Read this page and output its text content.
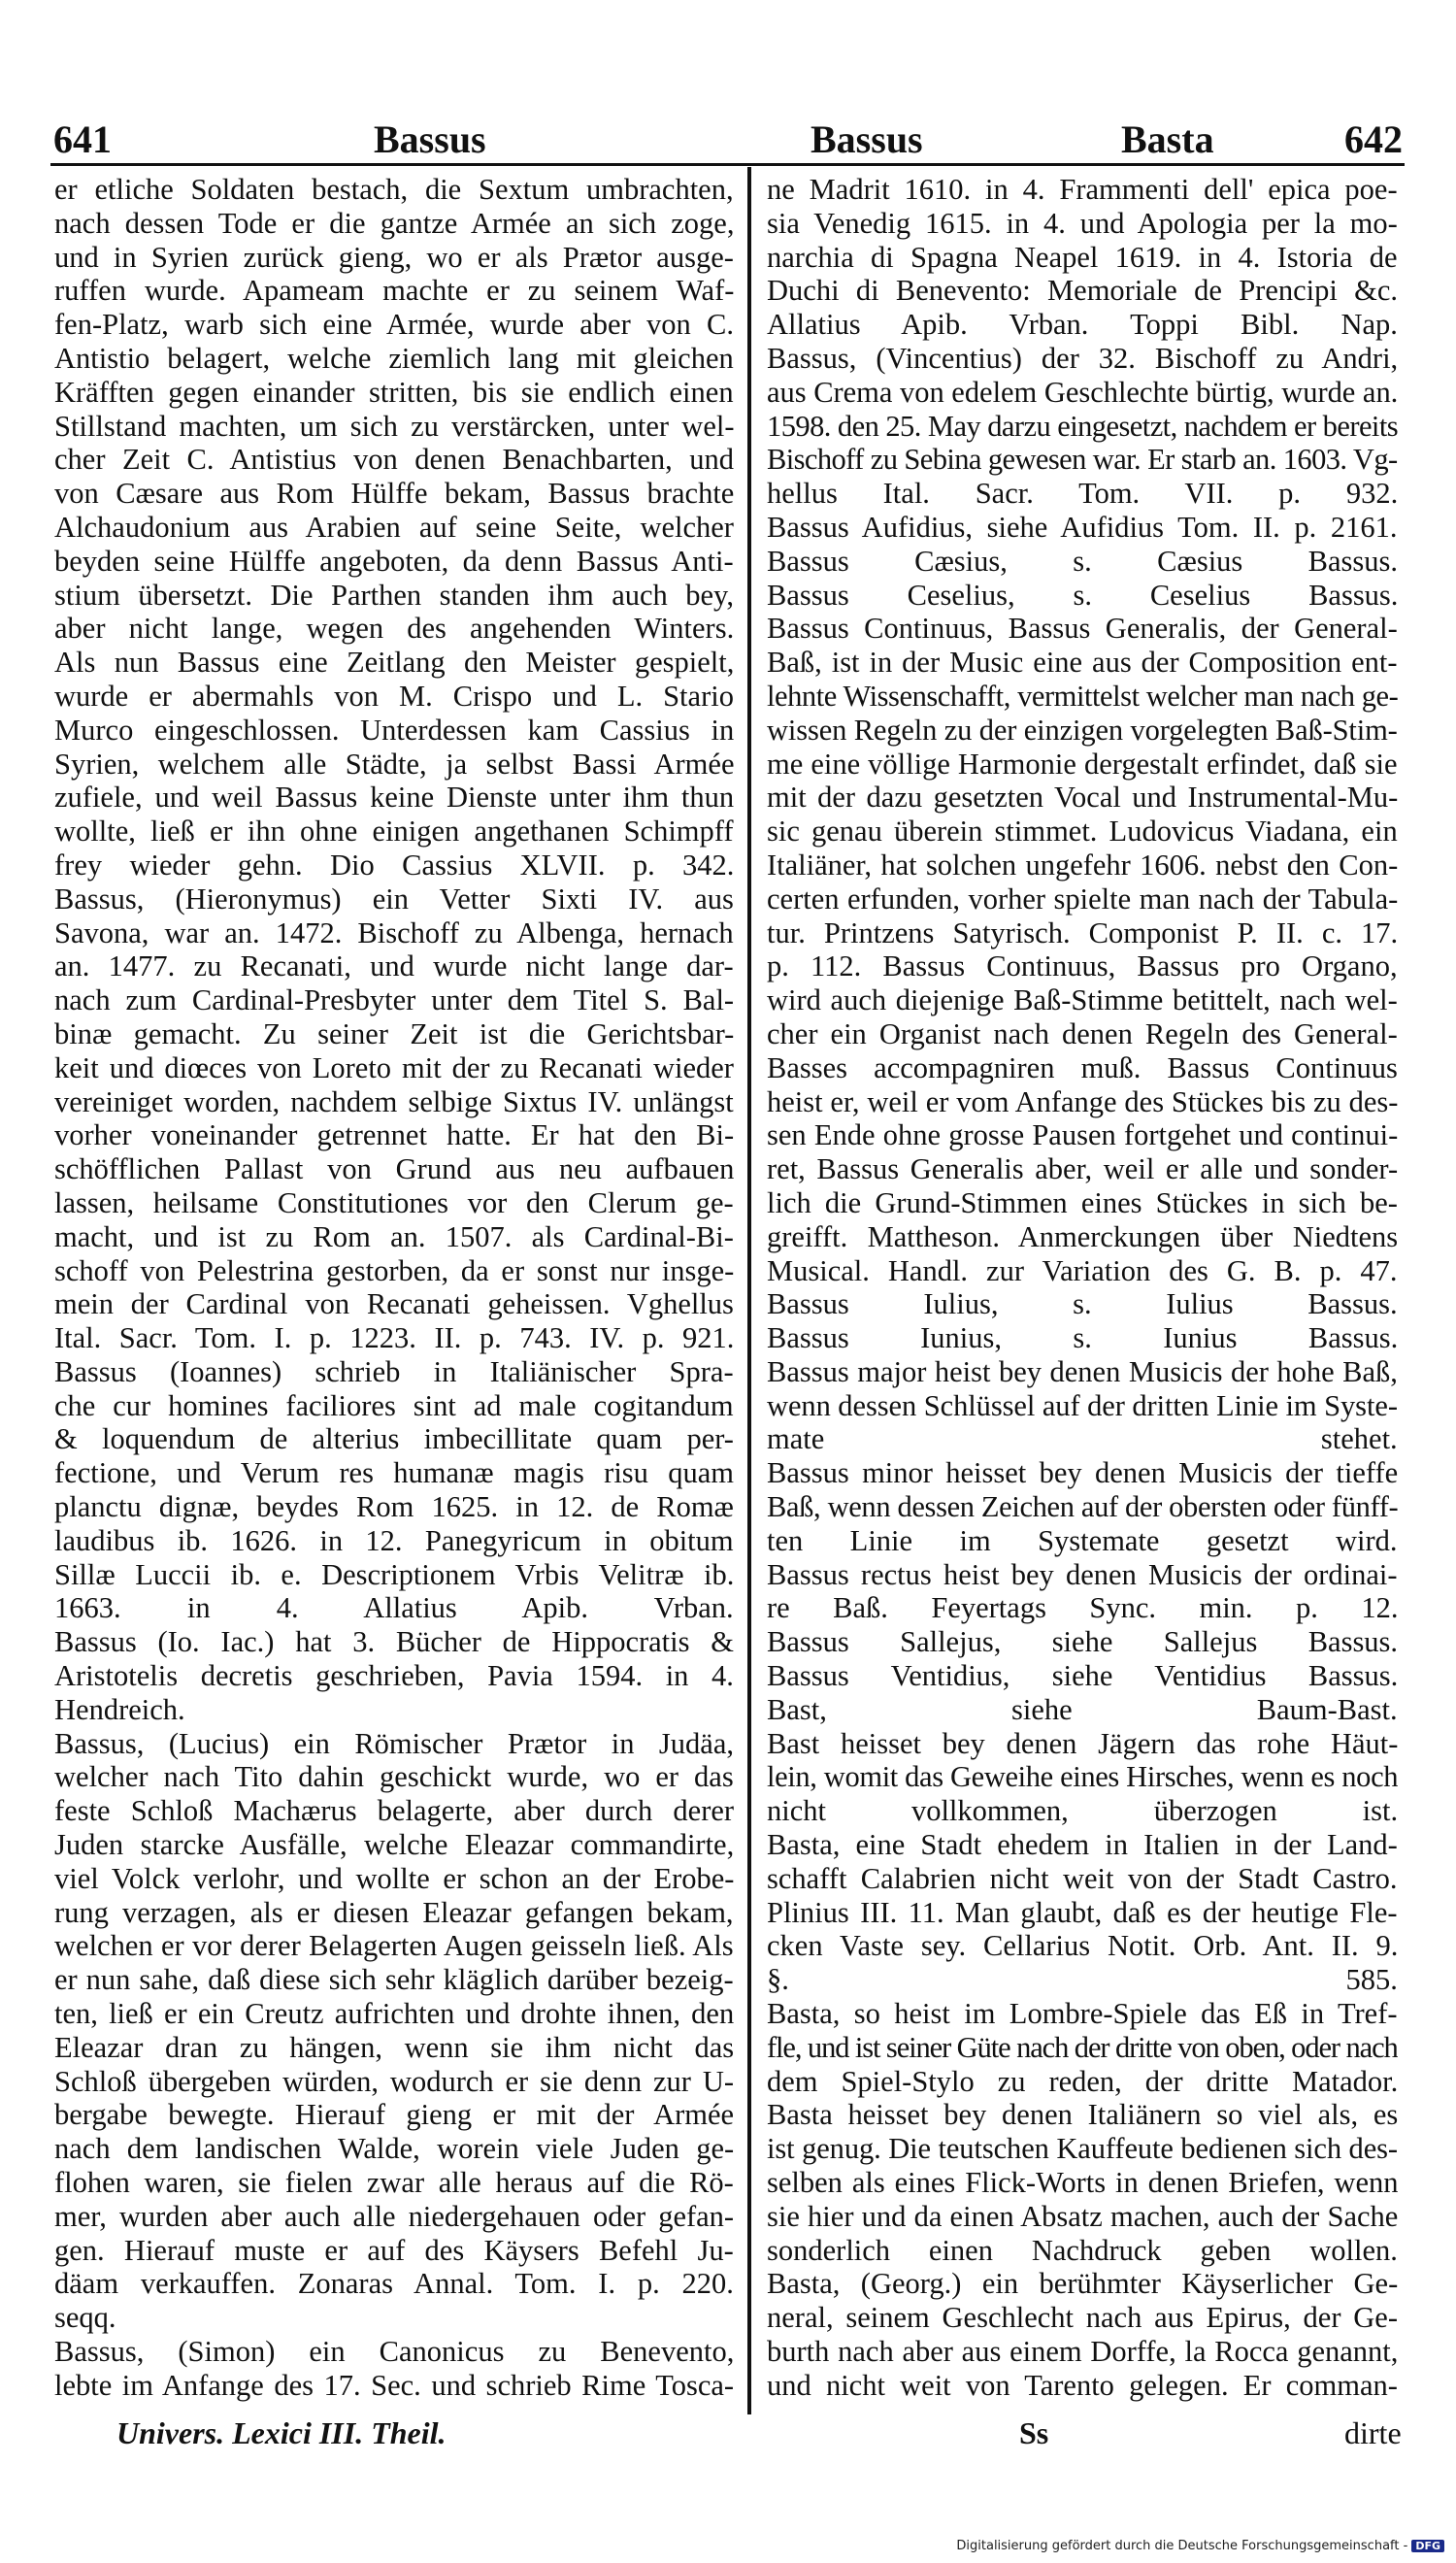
641	Bassus	Bassus	Basta	642

er etliche Soldaten bestach, die Sextum umbrachten,

nach dessen Tode er die gantze Armée an sich zoge,

und in Syrien zurück gieng, wo er als Prætor ausge-

ruffen wurde. Apameam machte er zu seinem Waf-

fen-Platz, warb sich eine Armée, wurde aber von C.

Antistio belagert, welche ziemlich lang mit gleichen

Kräfften gegen einander stritten, bis sie endlich einen

Stillstand machten, um sich zu verstärcken, unter wel-

cher Zeit C. Antistius von denen Benachbarten, und

von Cæsare aus Rom Hülffe bekam, Bassus brachte

Alchaudonium aus Arabien auf seine Seite, welcher

beyden seine Hülffe angeboten, da denn Bassus Anti-

stium übersetzt. Die Parthen standen ihm auch bey,

aber nicht lange, wegen des angehenden Winters.

Als nun Bassus eine Zeitlang den Meister gespielt,

wurde er abermahls von M. Crispo und L. Stario

Murco eingeschlossen. Unterdessen kam Cassius in

Syrien, welchem alle Städte, ja selbst Bassi Armée

zufiele, und weil Bassus keine Dienste unter ihm thun

wollte, ließ er ihn ohne einigen angethanen Schimpff

frey wieder gehn. Dio Cassius XLVII. p. 342.

Bassus, (Hieronymus) ein Vetter Sixti IV. aus

Savona, war an. 1472. Bischoff zu Albenga, hernach

an. 1477. zu Recanati, und wurde nicht lange dar-

nach zum Cardinal-Presbyter unter dem Titel S. Bal-

binæ gemacht. Zu seiner Zeit ist die Gerichtsbar-

keit und diœces von Loreto mit der zu Recanati wieder

vereiniget worden, nachdem selbige Sixtus IV. unlängst

vorher voneinander getrennet hatte. Er hat den Bi-

schöfflichen Pallast von Grund aus neu aufbauen

lassen, heilsame Constitutiones vor den Clerum ge-

macht, und ist zu Rom an. 1507. als Cardinal-Bi-

schoff von Pelestrina gestorben, da er sonst nur insge-

mein der Cardinal von Recanati geheissen. Vghellus

Ital. Sacr. Tom. I. p. 1223. II. p. 743. IV. p. 921.

Bassus (Ioannes) schrieb in Italiänischer Spra-

che cur homines faciliores sint ad male cogitandum

& loquendum de alterius imbecillitate quam per-

fectione, und Verum res humanæ magis risu quam

planctu dignæ, beydes Rom 1625. in 12. de Romæ

laudibus ib. 1626. in 12. Panegyricum in obitum

Sillæ Luccii ib. e. Descriptionem Vrbis Velitræ ib.

1663. in 4. Allatius Apib. Vrban.

Bassus (Io. Iac.) hat 3. Bücher de Hippocratis &

Aristotelis decretis geschrieben, Pavia 1594. in 4.

Hendreich.

Bassus, (Lucius) ein Römischer Prætor in Judäa,

welcher nach Tito dahin geschickt wurde, wo er das

feste Schloß Machærus belagerte, aber durch derer

Juden starcke Ausfälle, welche Eleazar commandirte,

viel Volck verlohr, und wollte er schon an der Erobe-

rung verzagen, als er diesen Eleazar gefangen bekam,

welchen er vor derer Belagerten Augen geisseln ließ. Als

er nun sahe, daß diese sich sehr kläglich darüber bezeig-

ten, ließ er ein Creutz aufrichten und drohte ihnen, den

Eleazar dran zu hängen, wenn sie ihm nicht das

Schloß übergeben würden, wodurch er sie denn zur U-

bergabe bewegte. Hierauf gieng er mit der Armée

nach dem landischen Walde, worein viele Juden ge-

flohen waren, sie fielen zwar alle heraus auf die Rö-

mer, wurden aber auch alle niedergehauen oder gefan-

gen. Hierauf muste er auf des Käysers Befehl Ju-

däam verkauffen. Zonaras Annal. Tom. I. p. 220.

seqq.

Bassus, (Simon) ein Canonicus zu Benevento,

lebte im Anfange des 17. Sec. und schrieb Rime Tosca-

ne Madrit 1610. in 4. Frammenti dell' epica poe-

sia Venedig 1615. in 4. und Apologia per la mo-

narchia di Spagna Neapel 1619. in 4. Istoria de

Duchi di Benevento: Memoriale de Prencipi &c.

Allatius Apib. Vrban. Toppi Bibl. Nap.

Bassus, (Vincentius) der 32. Bischoff zu Andri,

aus Crema von edelem Geschlechte bürtig, wurde an.

1598. den 25. May darzu eingesetzt, nachdem er bereits

Bischoff zu Sebina gewesen war. Er starb an. 1603. Vg-

hellus Ital. Sacr. Tom. VII. p. 932.

Bassus Aufidius, siehe Aufidius Tom. II. p. 2161.

Bassus Cæsius, s. Cæsius Bassus.

Bassus Ceselius, s. Ceselius Bassus.

Bassus Continuus, Bassus Generalis, der General-

Baß, ist in der Music eine aus der Composition ent-

lehnte Wissenschafft, vermittelst welcher man nach ge-

wissen Regeln zu der einzigen vorgelegten Baß-Stim-

me eine völlige Harmonie dergestalt erfindet, daß sie

mit der dazu gesetzten Vocal und Instrumental-Mu-

sic genau überein stimmet. Ludovicus Viadana, ein

Italiäner, hat solchen ungefehr 1606. nebst den Con-

certen erfunden, vorher spielte man nach der Tabula-

tur. Printzens Satyrisch. Componist P. II. c. 17.

p. 112. Bassus Continuus, Bassus pro Organo,

wird auch diejenige Baß-Stimme betittelt, nach wel-

cher ein Organist nach denen Regeln des General-

Basses accompagniren muß. Bassus Continuus

heist er, weil er vom Anfange des Stückes bis zu des-

sen Ende ohne grosse Pausen fortgehet und continui-

ret, Bassus Generalis aber, weil er alle und sonder-

lich die Grund-Stimmen eines Stückes in sich be-

greifft. Mattheson. Anmerckungen über Niedtens

Musical. Handl. zur Variation des G. B. p. 47.

Bassus Iulius, s. Iulius Bassus.

Bassus Iunius, s. Iunius Bassus.

Bassus major heist bey denen Musicis der hohe Baß,

wenn dessen Schlüssel auf der dritten Linie im Syste-

mate stehet.

Bassus minor heisset bey denen Musicis der tieffe

Baß, wenn dessen Zeichen auf der obersten oder fünff-

ten Linie im Systemate gesetzt wird.

Bassus rectus heist bey denen Musicis der ordinai-

re Baß. Feyertags Sync. min. p. 12.

Bassus Sallejus, siehe Sallejus Bassus.

Bassus Ventidius, siehe Ventidius Bassus.

Bast, siehe Baum-Bast.

Bast heisset bey denen Jägern das rohe Häut-

lein, womit das Geweihe eines Hirsches, wenn es noch

nicht vollkommen, überzogen ist.

Basta, eine Stadt ehedem in Italien in der Land-

schafft Calabrien nicht weit von der Stadt Castro.

Plinius III. 11. Man glaubt, daß es der heutige Fle-

cken Vaste sey. Cellarius Notit. Orb. Ant. II. 9.

§. 585.

Basta, so heist im Lombre-Spiele das Eß in Tref-

fle, und ist seiner Güte nach der dritte von oben, oder nach

dem Spiel-Stylo zu reden, der dritte Matador.

Basta heisset bey denen Italiänern so viel als, es

ist genug. Die teutschen Kauffeute bedienen sich des-

selben als eines Flick-Worts in denen Briefen, wenn

sie hier und da einen Absatz machen, auch der Sache

sonderlich einen Nachdruck geben wollen.

Basta, (Georg.) ein berühmter Käyserlicher Ge-

neral, seinem Geschlecht nach aus Epirus, der Ge-

burth nach aber aus einem Dorffe, la Rocca genannt,

und nicht weit von Tarento gelegen. Er comman-

Univers. Lexici III. Theil.	Ss	dirte
Digitalisierung gefördert durch die Deutsche Forschungsgemeinschaft - DFG
